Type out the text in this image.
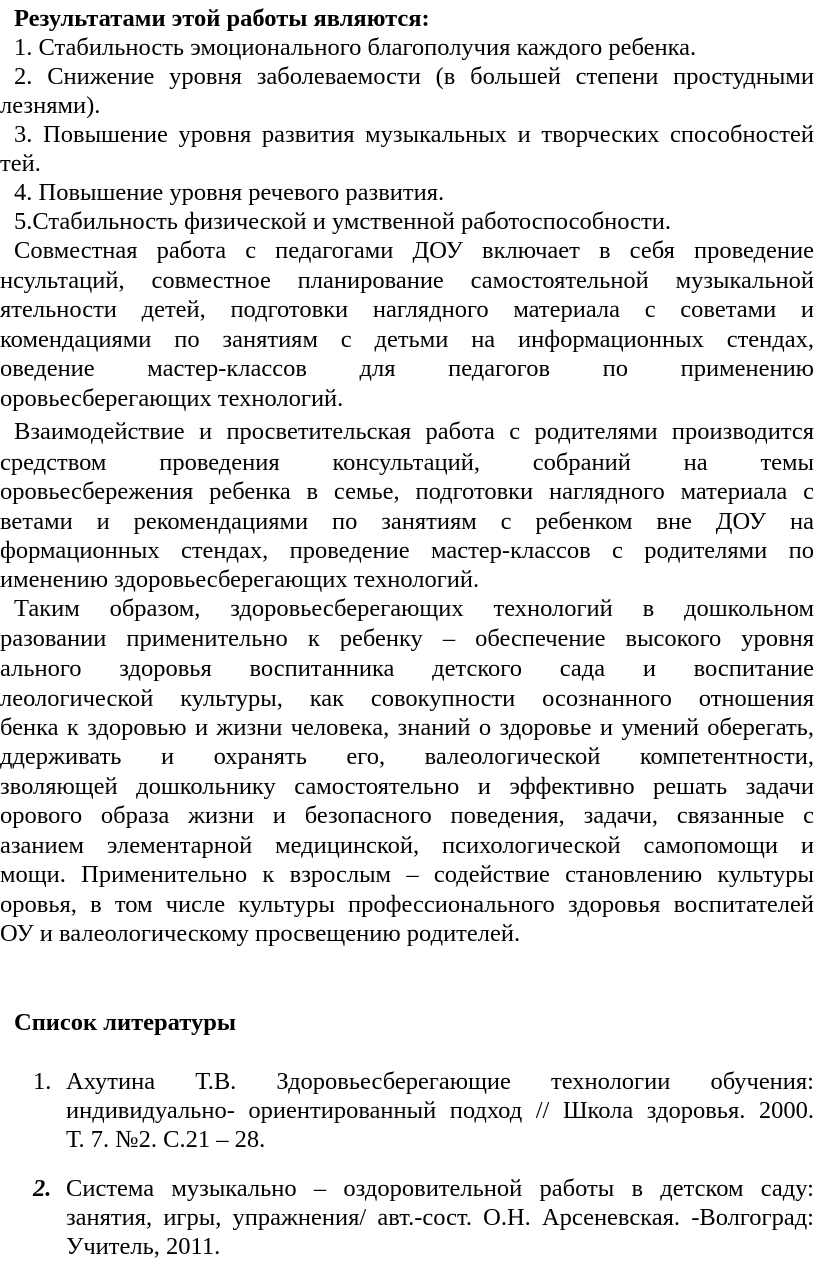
Результатами этой работы являются:
1. Стабильность эмоционального благополучия каждого ребенка.
2. Снижение уровня заболеваемости (в большей степени простудными
лезнями).
3. Повышение уровня развития музыкальных и творческих способностей
тей.
4. Повышение уровня речевого развития.
5.Стабильность физической и умственной работоспособности.
Совместная работа с педагогами ДОУ включает в себя проведение
нсультаций, совместное планирование самостоятельной музыкальной
ятельности детей, подготовки наглядного материала с советами и
комендациями по занятиям с детьми на информационных стендах,
оведение мастер-классов для педагогов по применению
оровьесберегающих технологий.
Взаимодействие и просветительская работа с родителями производится
средством проведения консультаций, собраний на темы
оровьесбережения ребенка в семье, подготовки наглядного материала с
ветами и рекомендациями по занятиям с ребенком вне ДОУ на
формационных стендах, проведение мастер-классов с родителями по
именению здоровьесберегающих технологий.
Таким образом, здоровьесберегающих технологий в дошкольном
разовании применительно к ребенку – обеспечение высокого уровня
ального здоровья воспитанника детского сада и воспитание
леологической культуры, как совокупности осознанного отношения
бенка к здоровью и жизни человека, знаний о здоровье и умений оберегать,
ддерживать и охранять его, валеологической компетентности,
зволяющей дошкольнику самостоятельно и эффективно решать задачи
орового образа жизни и безопасного поведения, задачи, связанные с
азанием элементарной медицинской, психологической самопомощи и
мощи. Применительно к взрослым – содействие становлению культуры
оровья, в том числе культуры профессионального здоровья воспитателей
ОУ и валеологическому просвещению родителей.
Список литературы
1. Ахутина Т.В. Здоровьесберегающие технологии обучения:
индивидуально- ориентированный подход // Школа здоровья. 2000.
Т. 7. №2. С.21 – 28.
2. Система музыкально – оздоровительной работы в детском саду:
занятия, игры, упражнения/ авт.-сост. О.Н. Арсеневская. -Волгоград:
Учитель, 2011.
